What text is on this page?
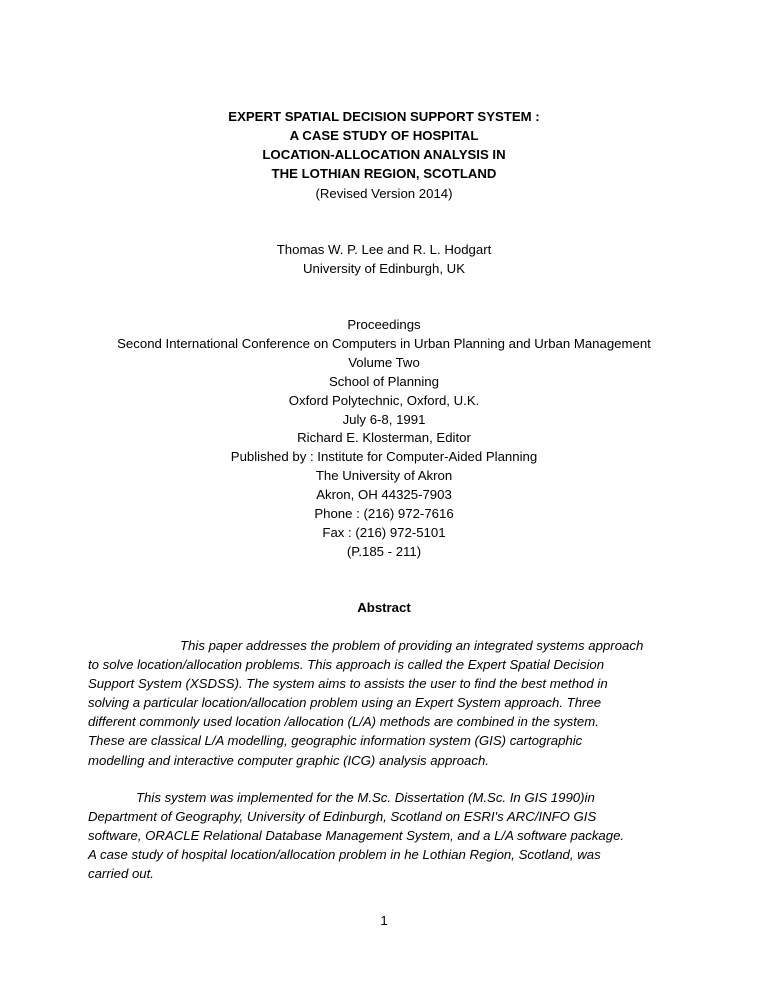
EXPERT SPATIAL DECISION SUPPORT SYSTEM :
A CASE STUDY OF HOSPITAL
LOCATION-ALLOCATION ANALYSIS IN
THE LOTHIAN REGION, SCOTLAND
(Revised Version 2014)
Thomas W. P. Lee and R. L. Hodgart
University of Edinburgh, UK
Proceedings
Second International Conference on Computers in Urban Planning and Urban Management
Volume Two
School of Planning
Oxford Polytechnic, Oxford, U.K.
July 6-8, 1991
Richard E. Klosterman, Editor
Published by : Institute for Computer-Aided Planning
The University of Akron
Akron, OH 44325-7903
Phone : (216) 972-7616
Fax : (216) 972-5101
(P.185 - 211)
Abstract
This paper addresses the problem of providing an integrated systems approach
to solve location/allocation problems. This approach is called the Expert Spatial Decision
Support System (XSDSS). The system aims to assists the user to find the best method in
solving a particular location/allocation problem using an Expert System approach. Three
different commonly used location /allocation (L/A) methods are combined in the system.
These are classical L/A modelling, geographic information system (GIS) cartographic
modelling and interactive computer graphic (ICG) analysis approach.
This system was implemented for the M.Sc. Dissertation (M.Sc. In GIS 1990)in
Department of Geography, University of Edinburgh, Scotland on ESRI's ARC/INFO GIS
software, ORACLE Relational Database Management System, and a L/A software package.
A case study of hospital location/allocation problem in he Lothian Region, Scotland, was
carried out.
1
